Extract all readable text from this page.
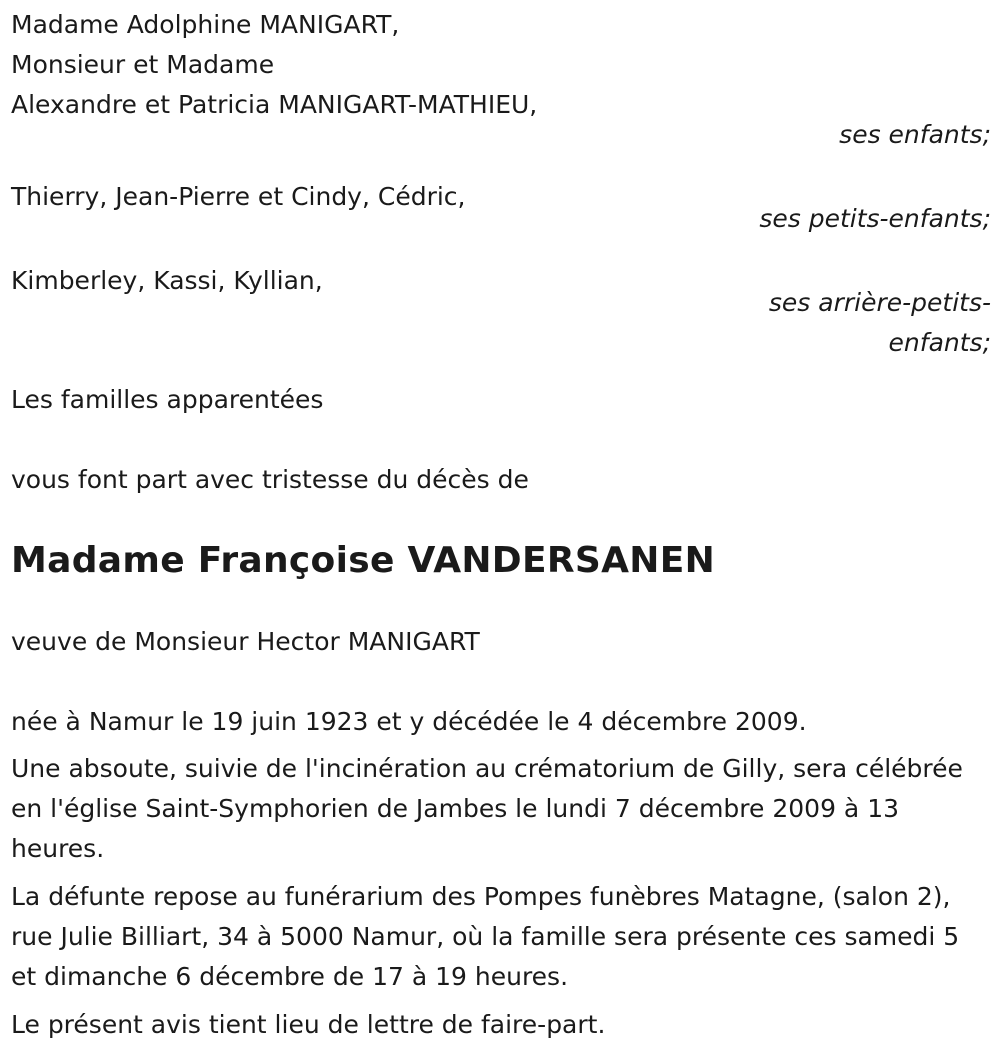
Madame Adolphine MANIGART,
Monsieur et Madame
Alexandre et Patricia MANIGART-MATHIEU,
ses enfants;
Thierry, Jean-Pierre et Cindy, Cédric,
ses petits-enfants;
Kimberley, Kassi, Kyllian,
ses arrière-petits-
enfants;
Les familles apparentées
vous font part avec tristesse du décès de
Madame Françoise VANDERSANEN
veuve de Monsieur Hector MANIGART
née à Namur le 19 juin 1923 et y décédée le 4 décembre 2009.

Une absoute, suivie de l'incinération au crématorium de Gilly, sera célébrée en l'église Saint-Symphorien de Jambes le lundi 7 décembre 2009 à 13 heures.

La défunte repose au funérarium des Pompes funèbres Matagne, (salon 2), rue Julie Billiart, 34 à 5000 Namur, où la famille sera présente ces samedi 5 et dimanche 6 décembre de 17 à 19 heures.

Le présent avis tient lieu de lettre de faire-part.
